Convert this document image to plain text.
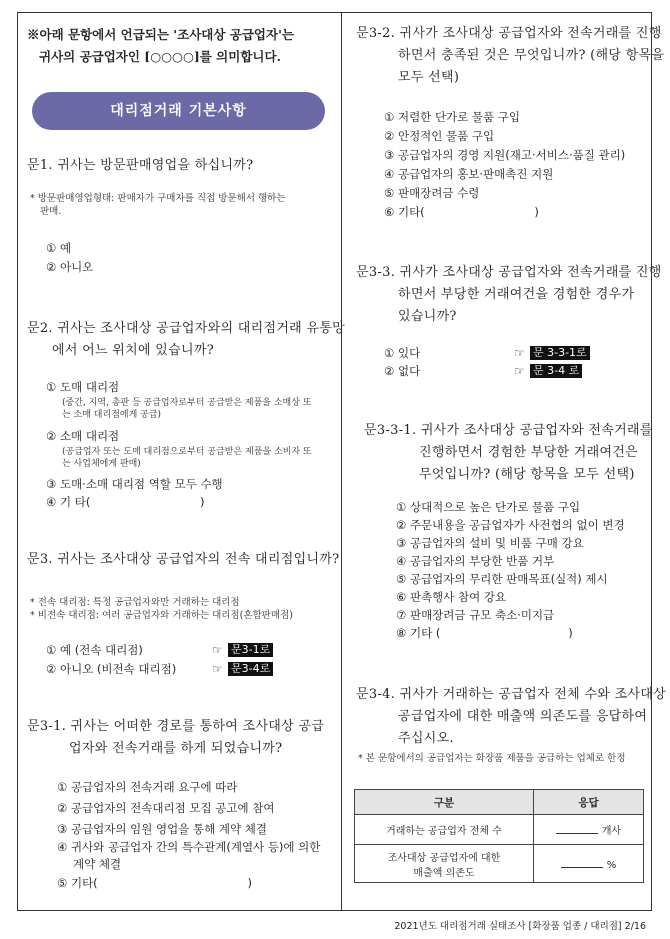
※아래 문항에서 언급되는 '조사대상 공급업자'는
귀사의 공급업자인 [○○○○]를 의미합니다.
대리점거래 기본사항
문1. 귀사는 방문판매영업을 하십니까?
* 방문판매영업형태: 판매자가 구매자를 직접 방문해서 행하는
판매.
① 예
② 아니오
문2. 귀사는 조사대상 공급업자와의 대리점거래 유통망
에서 어느 위치에 있습니까?
① 도매 대리점
(중간, 지역, 총판 등 공급업자로부터 공급받은 제품을 소매상 또
는 소매 대리점에게 공급)
② 소매 대리점
(공급업자 또는 도매 대리점으로부터 공급받은 제품을 소비자 또
는 사업체에게 판매)
③ 도매·소매 대리점 역할 모두 수행
④ 기 타(                              )
문3. 귀사는 조사대상 공급업자의 전속 대리점입니까?
* 전속 대리점: 특정 공급업자와만 거래하는 대리점
* 비전속 대리점: 여러 공급업자와 거래하는 대리점(혼합판매점)
① 예 (전속 대리점)	☞ 문3-1로
② 아니오 (비전속 대리점)	☞ 문3-4로
문3-1. 귀사는 어떠한 경로를 통하여 조사대상 공급
업자와 전속거래를 하게 되었습니까?
① 공급업자의 전속거래 요구에 따라
② 공급업자의 전속대리점 모집 공고에 참여
③ 공급업자의 임원 영업을 통해 계약 체결
④ 귀사와 공급업자 간의 특수관계(계열사 등)에 의한
계약 체결
⑤ 기타(                                         )
문3-2. 귀사가 조사대상 공급업자와 전속거래를 진행
하면서 충족된 것은 무엇입니까? (해당 항목을
모두 선택)
① 저렴한 단가로 물품 구입
② 안정적인 물품 구입
③ 공급업자의 경영 지원(재고·서비스·품질 관리)
④ 공급업자의 홍보·판매촉진 지원
⑤ 판매장려금 수령
⑥ 기타(                              )
문3-3. 귀사가 조사대상 공급업자와 전속거래를 진행
하면서 부당한 거래여건을 경험한 경우가
있습니까?
① 있다	☞ 문 3-3-1로
② 없다	☞ 문 3-4 로
문3-3-1. 귀사가 조사대상 공급업자와 전속거래를
진행하면서 경험한 부당한 거래여건은
무엇입니까? (해당 항목을 모두 선택)
① 상대적으로 높은 단가로 물품 구입
② 주문내용을 공급업자가 사전협의 없이 변경
③ 공급업자의 설비 및 비품 구매 강요
④ 공급업자의 부당한 반품 거부
⑤ 공급업자의 무리한 판매목표(실적) 제시
⑥ 판촉행사 참여 강요
⑦ 판매장려금 규모 축소·미지급
⑧ 기타 (                                   )
문3-4. 귀사가 거래하는 공급업자 전체 수와 조사대상
공급업자에 대한 매출액 의존도를 응답하여
주십시오.
* 본 문항에서의 공급업자는 화장품 제품을 공급하는 업체로 한정
구분	응답
거래하는 공급업자 전체 수	개사

조사대상 공급업자에 대한
매출액 의존도	%
2021년도 대리점거래 실태조사 [화장품 업종 / 대리점] 2/16
